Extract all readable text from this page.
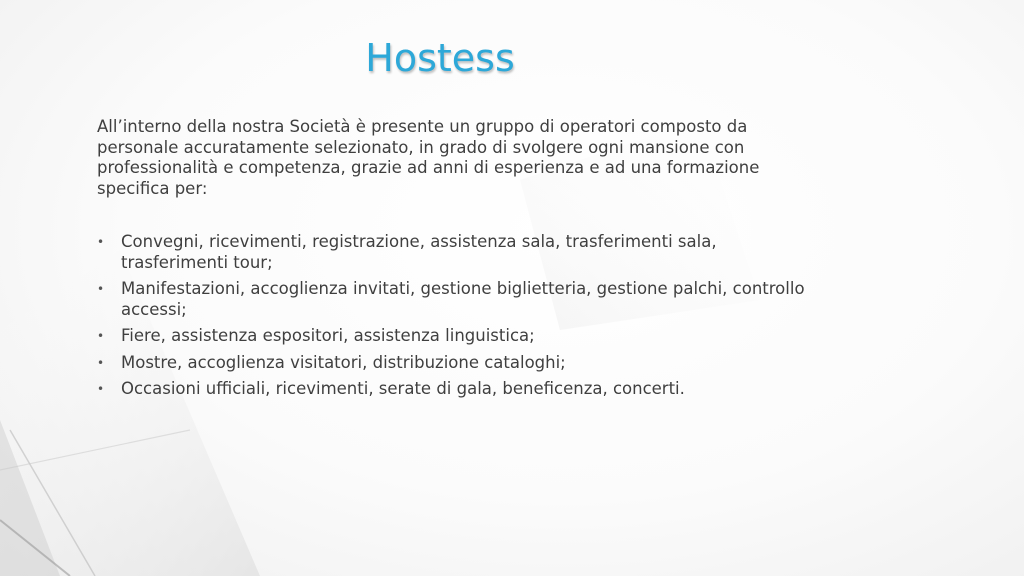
Hostess
All’interno della nostra Società è presente un gruppo di operatori composto da personale accuratamente selezionato, in grado di svolgere ogni mansione con professionalità e competenza, grazie ad anni di esperienza e ad una formazione specifica per:
• Convegni, ricevimenti, registrazione, assistenza sala, trasferimenti sala, trasferimenti tour;
• Manifestazioni, accoglienza invitati, gestione biglietteria, gestione palchi, controllo accessi;
• Fiere, assistenza espositori, assistenza linguistica;
• Mostre, accoglienza visitatori, distribuzione cataloghi;
• Occasioni ufficiali, ricevimenti, serate di gala, beneficenza, concerti.
